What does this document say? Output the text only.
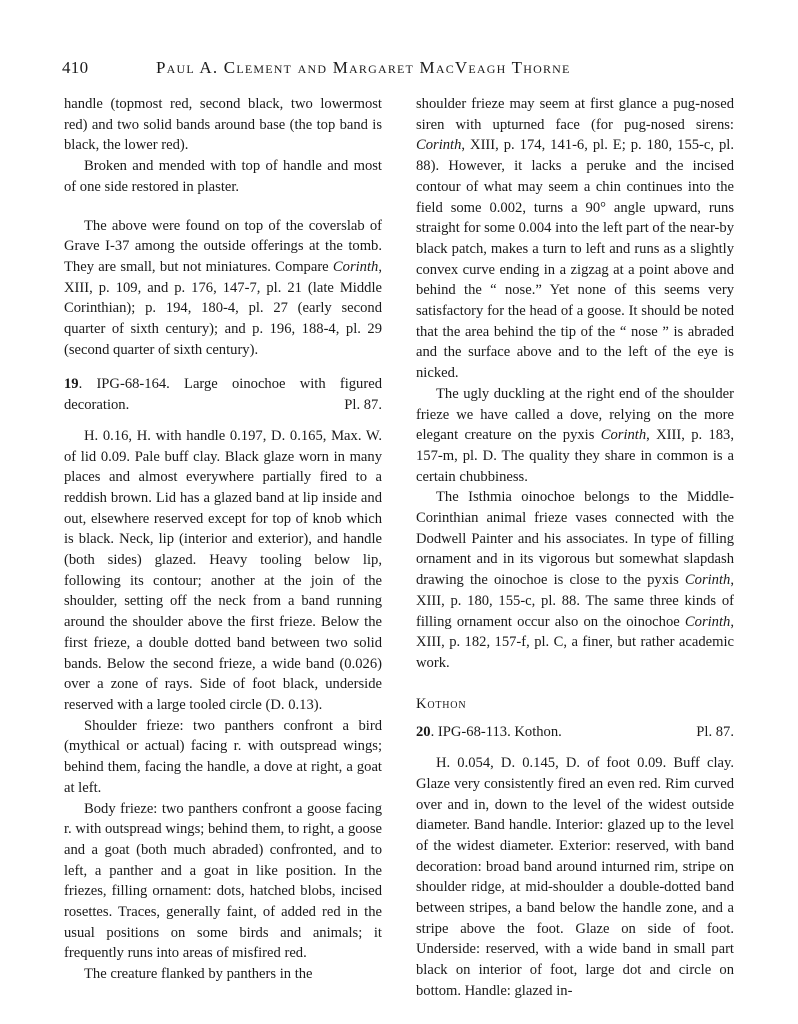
410	Paul A. Clement and Margaret MacVeagh Thorne

handle (topmost red, second black, two lowermost red) and two solid bands around base (the top band is black, the lower red).

Broken and mended with top of handle and most of one side restored in plaster.

The above were found on top of the coverslab of Grave I-37 among the outside offerings at the tomb. They are small, but not miniatures. Compare Corinth, XIII, p. 109, and p. 176, 147-7, pl. 21 (late Middle Corinthian); p. 194, 180-4, pl. 27 (early second quarter of sixth century); and p. 196, 188-4, pl. 29 (second quarter of sixth century).

19. IPG-68-164. Large oinochoe with figured decoration.	Pl. 87.

H. 0.16, H. with handle 0.197, D. 0.165, Max. W. of lid 0.09. Pale buff clay. Black glaze worn in many places and almost everywhere partially fired to a reddish brown. Lid has a glazed band at lip inside and out, elsewhere reserved except for top of knob which is black. Neck, lip (interior and exterior), and handle (both sides) glazed. Heavy tooling below lip, following its contour; another at the join of the shoulder, setting off the neck from a band running around the shoulder above the first frieze. Below the first frieze, a double dotted band between two solid bands. Below the second frieze, a wide band (0.026) over a zone of rays. Side of foot black, underside reserved with a large tooled circle (D. 0.13).

Shoulder frieze: two panthers confront a bird (mythical or actual) facing r. with outspread wings; behind them, facing the handle, a dove at right, a goat at left.

Body frieze: two panthers confront a goose facing r. with outspread wings; behind them, to right, a goose and a goat (both much abraded) confronted, and to left, a panther and a goat in like position. In the friezes, filling ornament: dots, hatched blobs, incised rosettes. Traces, generally faint, of added red in the usual positions on some birds and animals; it frequently runs into areas of misfired red.

The creature flanked by panthers in the

shoulder frieze may seem at first glance a pug-nosed siren with upturned face (for pug-nosed sirens: Corinth, XIII, p. 174, 141-6, pl. E; p. 180, 155-c, pl. 88). However, it lacks a peruke and the incised contour of what may seem a chin continues into the field some 0.002, turns a 90° angle upward, runs straight for some 0.004 into the left part of the near-by black patch, makes a turn to left and runs as a slightly convex curve ending in a zigzag at a point above and behind the “ nose.” Yet none of this seems very satisfactory for the head of a goose. It should be noted that the area behind the tip of the “ nose ” is abraded and the surface above and to the left of the eye is nicked.

The ugly duckling at the right end of the shoulder frieze we have called a dove, relying on the more elegant creature on the pyxis Corinth, XIII, p. 183, 157-m, pl. D. The quality they share in common is a certain chubbiness.

The Isthmia oinochoe belongs to the Middle-Corinthian animal frieze vases connected with the Dodwell Painter and his associates. In type of filling ornament and in its vigorous but somewhat slapdash drawing the oinochoe is close to the pyxis Corinth, XIII, p. 180, 155-c, pl. 88. The same three kinds of filling ornament occur also on the oinochoe Corinth, XIII, p. 182, 157-f, pl. C, a finer, but rather academic work.

Kothon

20. IPG-68-113. Kothon.	Pl. 87.

H. 0.054, D. 0.145, D. of foot 0.09. Buff clay. Glaze very consistently fired an even red. Rim curved over and in, down to the level of the widest outside diameter. Band handle. Interior: glazed up to the level of the widest diameter. Exterior: reserved, with band decoration: broad band around inturned rim, stripe on shoulder ridge, at mid-shoulder a double-dotted band between stripes, a band below the handle zone, and a stripe above the foot. Glaze on side of foot. Underside: reserved, with a wide band in small part black on interior of foot, large dot and circle on bottom. Handle: glazed in-
